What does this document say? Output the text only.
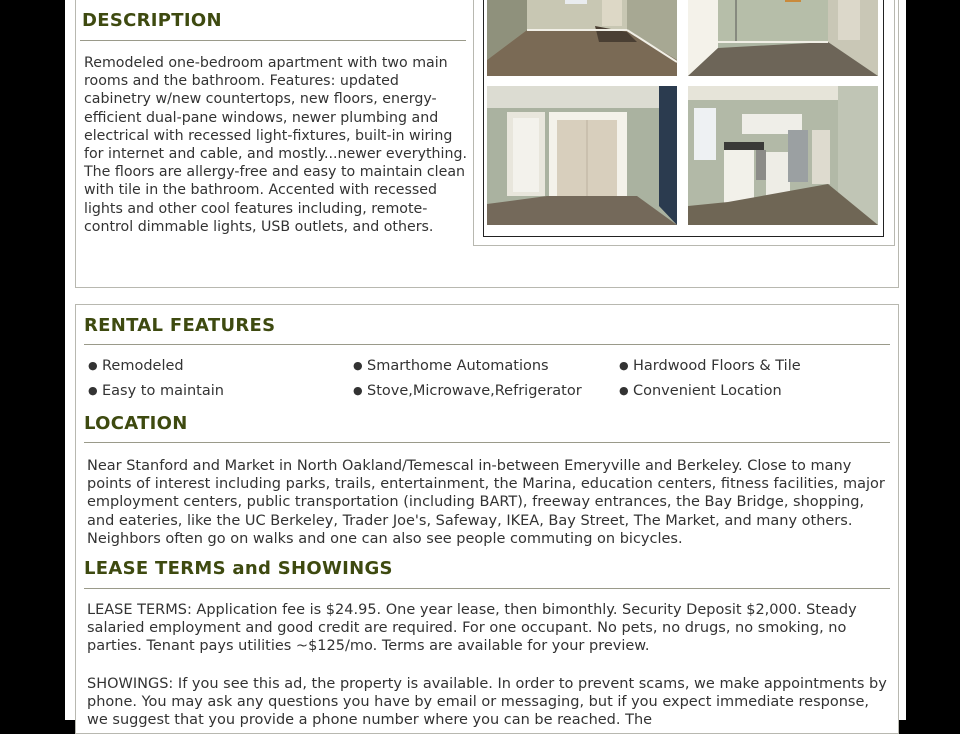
DESCRIPTION
Remodeled one-bedroom apartment with two main rooms and the bathroom. Features: updated cabinetry w/new countertops, new floors, energy-efficient dual-pane windows, newer plumbing and electrical with recessed light-fixtures, built-in wiring for internet and cable, and mostly...newer everything. The floors are allergy-free and easy to maintain clean with tile in the bathroom. Accented with recessed lights and other cool features including, remote-control dimmable lights, USB outlets, and others.
RENTAL FEATURES
● Remodeled	● Smarthome Automations	● Hardwood Floors & Tile
● Easy to maintain	● Stove,Microwave,Refrigerator	● Convenient Location
LOCATION
Near Stanford and Market in North Oakland/Temescal in-between Emeryville and Berkeley. Close to many points of interest including parks, trails, entertainment, the Marina, education centers, fitness facilities, major employment centers, public transportation (including BART), freeway entrances, the Bay Bridge, shopping, and eateries, like the UC Berkeley, Trader Joe's, Safeway, IKEA, Bay Street, The Market, and many others. Neighbors often go on walks and one can also see people commuting on bicycles.
LEASE TERMS and SHOWINGS
LEASE TERMS: Application fee is $24.95. One year lease, then bimonthly. Security Deposit $2,000. Steady salaried employment and good credit are required. For one occupant. No pets, no drugs, no smoking, no parties. Tenant pays utilities ~$125/mo. Terms are available for your preview.
SHOWINGS: If you see this ad, the property is available. In order to prevent scams, we make appointments by phone. You may ask any questions you have by email or messaging, but if you expect immediate response, we suggest that you provide a phone number where you can be reached. The
